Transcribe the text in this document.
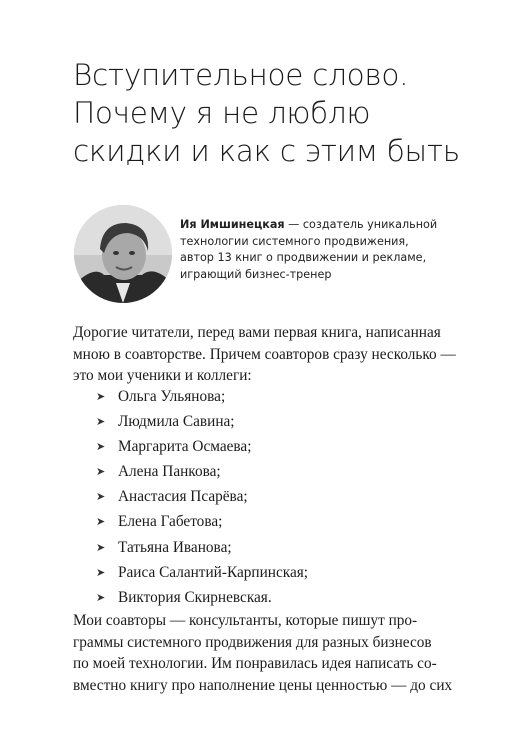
Вступительное слово.
Почему я не люблю
скидки и как с этим быть
Ия Имшинецкая — создатель уникальной
технологии системного продвижения,
автор 13 книг о продвижении и рекламе,
играющий бизнес-тренер

Дорогие читатели, перед вами первая книга, написанная
мною в соавторстве. Причем соавторов сразу несколько —
это мои ученики и коллеги:

➤ Ольга Ульянова;
➤ Людмила Савина;
➤ Маргарита Осмаева;
➤ Алена Панкова;
➤ Анастасия Псарёва;
➤ Елена Габетова;
➤ Татьяна Иванова;
➤ Раиса Салантий-Карпинская;
➤ Виктория Скирневская.

Мои соавторы — консультанты, которые пишут про-
граммы системного продвижения для разных бизнесов
по моей технологии. Им понравилась идея написать со-
вместно книгу про наполнение цены ценностью — до сих
